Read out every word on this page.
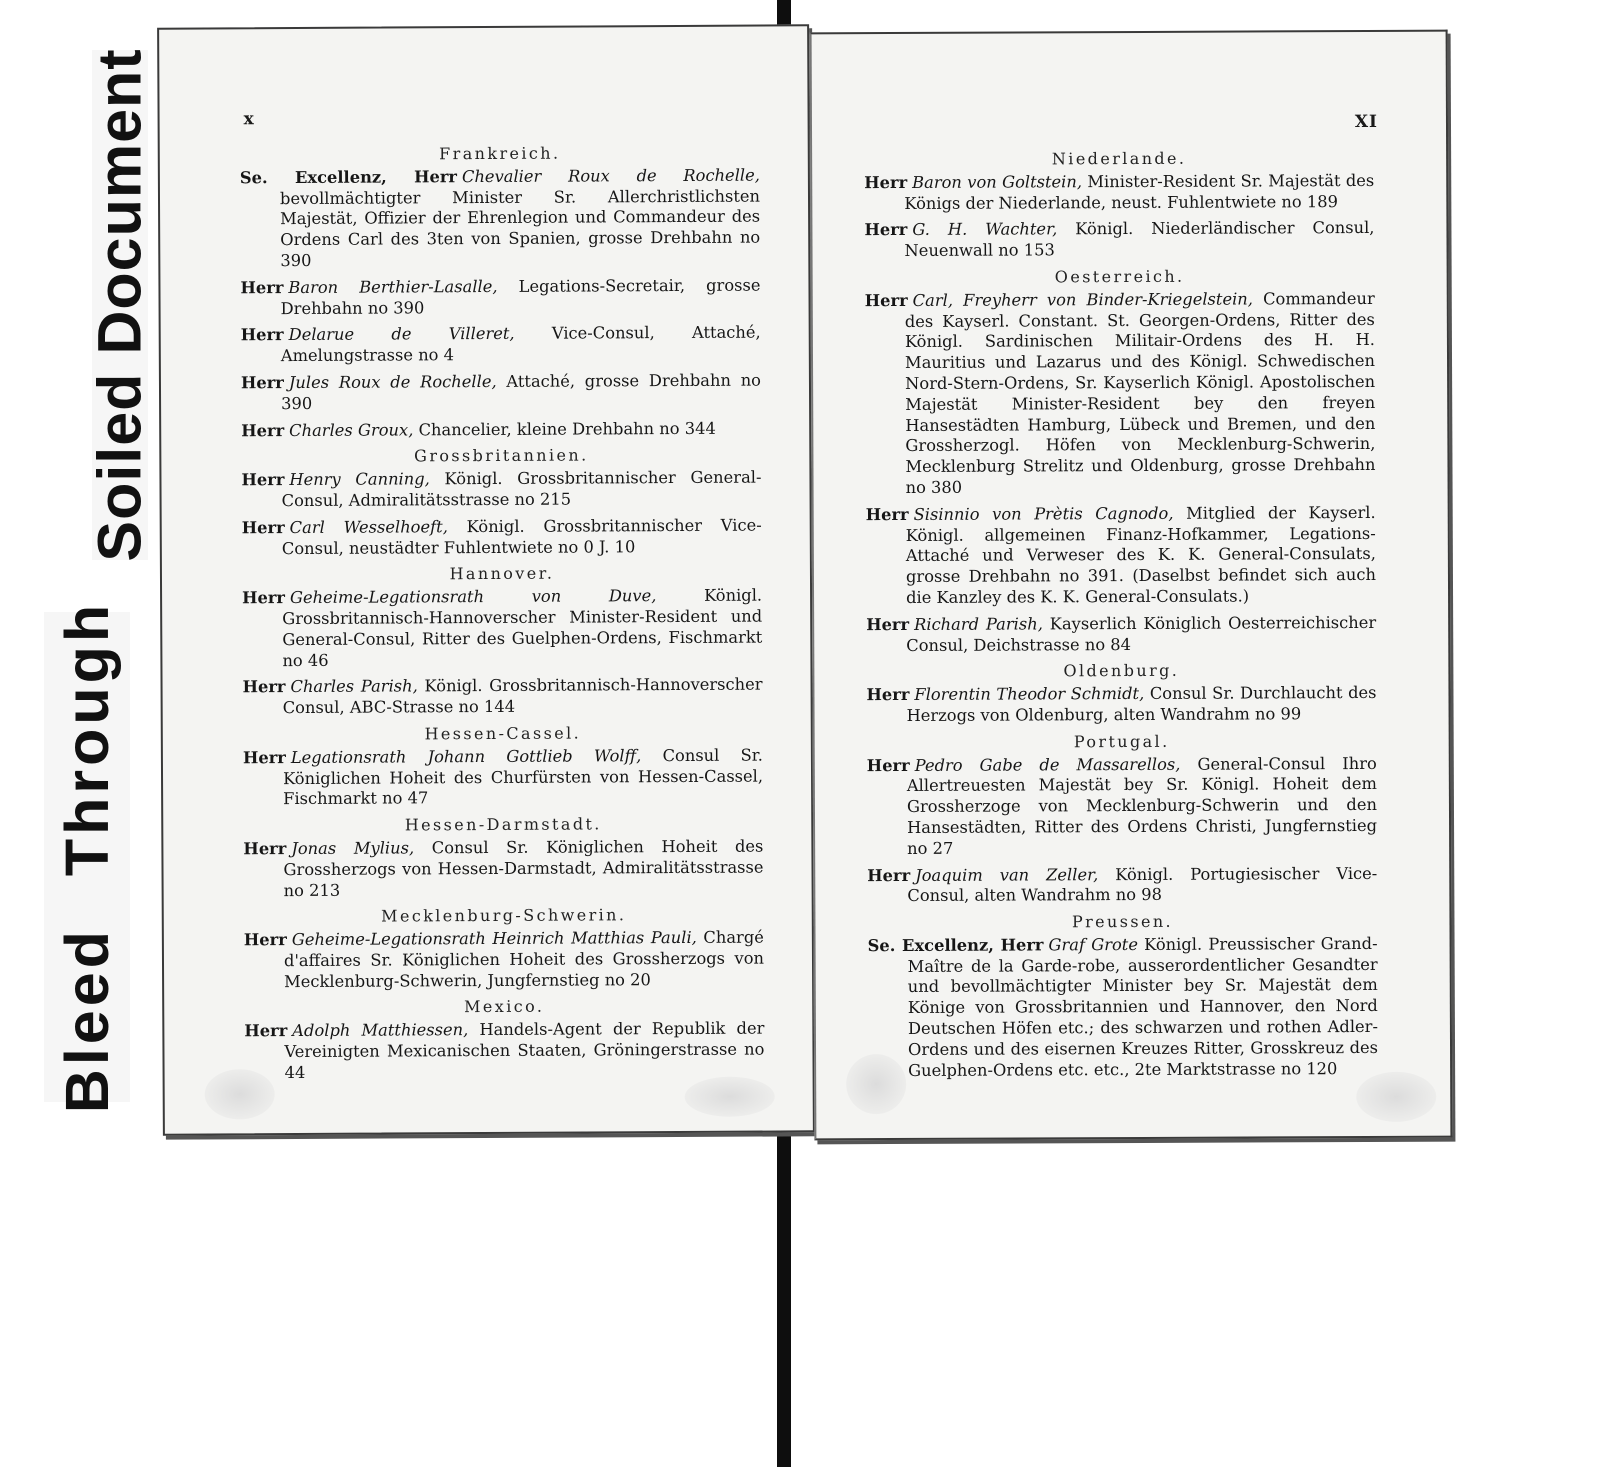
Soiled Document
Bleed Through
x
Frankreich.

Se. Excellenz, Herr Chevalier Roux de Rochelle, bevollmächtigter Minister Sr. Allerchristlichsten Majestät, Offizier der Ehrenlegion und Commandeur des Ordens Carl des 3ten von Spanien, grosse Drehbahn no 390

Herr Baron Berthier-Lasalle, Legations-Secretair, grosse Drehbahn no 390

Herr Delarue de Villeret, Vice-Consul, Attaché, Amelungstrasse no 4

Herr Jules Roux de Rochelle, Attaché, grosse Drehbahn no 390

Herr Charles Groux, Chancelier, kleine Drehbahn no 344

Grossbritannien.

Herr Henry Canning, Königl. Grossbritannischer General-Consul, Admiralitätsstrasse no 215

Herr Carl Wesselhoeft, Königl. Grossbritannischer Vice-Consul, neustädter Fuhlentwiete no 0 J. 10

Hannover.

Herr Geheime-Legationsrath von Duve,	Königl. Grossbritannisch-Hannoverscher Minister-Resident und General-Consul, Ritter des Guelphen-Ordens, Fischmarkt no 46

Herr Charles Parish, Königl. Grossbritannisch-Hannoverscher Consul, ABC-Strasse no 144

Hessen-Cassel.

Herr Legationsrath Johann Gottlieb Wolff, Consul Sr. Königlichen Hoheit des Churfürsten von Hessen-Cassel, Fischmarkt no 47

Hessen-Darmstadt.

Herr Jonas Mylius, Consul Sr. Königlichen Hoheit des Grossherzogs von Hessen-Darmstadt, Admiralitätsstrasse no 213

Mecklenburg-Schwerin.

Herr Geheime-Legationsrath Heinrich Matthias Pauli, Chargé d'affaires Sr. Königlichen Hoheit des Grossherzogs von Mecklenburg-Schwerin, Jungfernstieg no 20

Mexico.

Herr Adolph Matthiessen, Handels-Agent der Republik der Vereinigten Mexicanischen Staaten, Gröningerstrasse no 44

XI
Niederlande.

Herr Baron von Goltstein, Minister-Resident Sr. Majestät des Königs der Niederlande, neust. Fuhlentwiete no 189

Herr G. H. Wachter, Königl. Niederländischer Consul, Neuenwall no 153

Oesterreich.

Herr Carl, Freyherr von Binder-Kriegelstein, Commandeur des Kayserl. Constant. St. Georgen-Ordens, Ritter des Königl. Sardinischen Militair-Ordens des H. H. Mauritius und Lazarus und des Königl. Schwedischen Nord-Stern-Ordens, Sr. Kayserlich Königl. Apostolischen Majestät Minister-Resident bey den freyen Hansestädten Hamburg, Lübeck und Bremen, und den Grossherzogl. Höfen von Mecklenburg-Schwerin, Mecklenburg Strelitz und Oldenburg, grosse Drehbahn no 380

Herr Sisinnio von Prètis Cagnodo, Mitglied der Kayserl. Königl. allgemeinen Finanz-Hofkammer, Legations-Attaché und Verweser des K. K. General-Consulats, grosse Drehbahn no 391. (Daselbst befindet sich auch die Kanzley des K. K. General-Consulats.)

Herr Richard Parish, Kayserlich Königlich Oesterreichischer Consul, Deichstrasse no 84

Oldenburg.

Herr Florentin Theodor Schmidt, Consul Sr. Durchlaucht des Herzogs von Oldenburg, alten Wandrahm no 99

Portugal.

Herr Pedro Gabe de Massarellos, General-Consul Ihro Allertreuesten Majestät bey Sr. Königl. Hoheit dem Grossherzoge von Mecklenburg-Schwerin und den Hansestädten, Ritter des Ordens Christi, Jungfernstieg no 27

Herr Joaquim van Zeller, Königl. Portugiesischer Vice-Consul, alten Wandrahm no 98

Preussen.

Se. Excellenz, Herr Graf Grote Königl. Preussischer Grand-Maître de la Garde-robe, ausserordentlicher Gesandter und bevollmächtigter Minister bey Sr. Majestät dem Könige von Grossbritannien und Hannover, den Nord Deutschen Höfen etc.; des schwarzen und rothen Adler-Ordens und des eisernen Kreuzes Ritter, Grosskreuz des Guelphen-Ordens etc. etc., 2te Marktstrasse no 120
